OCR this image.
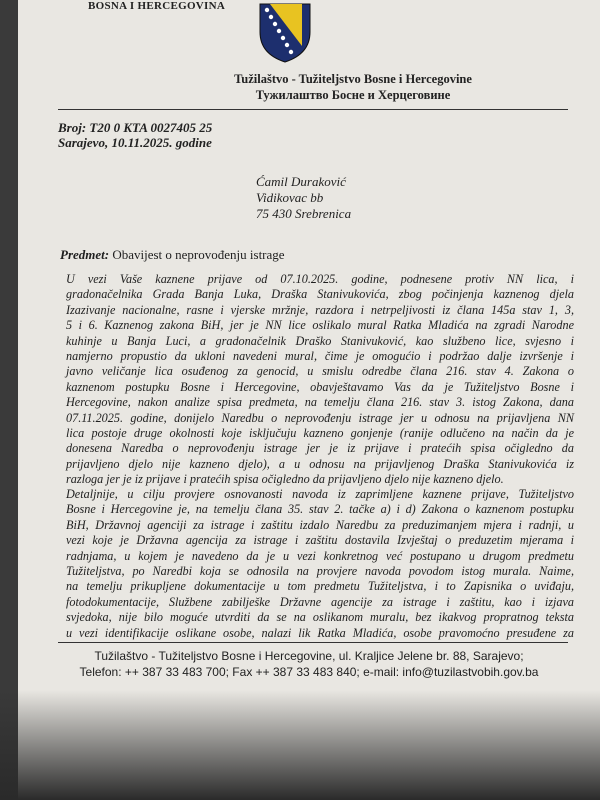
BOSNA I HERCEGOVINA
Tužilaštvo - Tužiteljstvo Bosne i Hercegovine
Тужилаштво Босне и Херцеговине
Broj: T20 0 KTA 0027405 25
Sarajevo, 10.11.2025. godine
Ćamil Duraković
Vidikovac bb
75 430 Srebrenica
Predmet: Obavijest o neprovođenju istrage
U vezi Vaše kaznene prijave od 07.10.2025. godine, podnesene protiv NN lica, i
gradonačelnika Grada Banja Luka, Draška Stanivukovića, zbog počinjenja kaznenog djela
Izazivanje nacionalne, rasne i vjerske mržnje, razdora i netrpeljivosti iz člana 145a stav 1, 3,
5 i 6. Kaznenog zakona BiH, jer je NN lice oslikalo mural Ratka Mladića na zgradi Narodne
kuhinje u Banja Luci, a gradonačelnik Draško Stanivuković, kao službeno lice, svjesno i
namjerno propustio da ukloni navedeni mural, čime je omogućio i podržao dalje izvršenje i
javno veličanje lica osuđenog za genocid, u smislu odredbe člana 216. stav 4. Zakona o
kaznenom postupku Bosne i Hercegovine, obavještavamo Vas da je Tužiteljstvo Bosne i
Hercegovine, nakon analize spisa predmeta, na temelju člana 216. stav 3. istog Zakona, dana
07.11.2025. godine, donijelo Naredbu o neprovođenju istrage jer u odnosu na prijavljena NN
lica postoje druge okolnosti koje isključuju kazneno gonjenje (ranije odlučeno na način da je
donesena Naredba o neprovođenju istrage jer je iz prijave i pratećih spisa očigledno da
prijavljeno djelo nije kazneno djelo), a u odnosu na prijavljenog Draška Stanivukovića iz
razloga jer je iz prijave i pratećih spisa očigledno da prijavljeno djelo nije kazneno djelo.
Detaljnije, u cilju provjere osnovanosti navoda iz zaprimljene kaznene prijave, Tužiteljstvo
Bosne i Hercegovine je, na temelju člana 35. stav 2. tačke a) i d) Zakona o kaznenom postupku
BiH, Državnoj agenciji za istrage i zaštitu izdalo Naredbu za preduzimanjem mjera i radnji, u
vezi koje je Državna agencija za istrage i zaštitu dostavila Izvještaj o preduzetim mjerama i
radnjama, u kojem je navedeno da je u vezi konkretnog već postupano u drugom predmetu
Tužiteljstva, po Naredbi koja se odnosila na provjere navoda povodom istog murala. Naime,
na temelju prikupljene dokumentacije u tom predmetu Tužiteljstva, i to Zapisnika o uviđaju,
fotodokumentacije, Službene zabilješke Državne agencije za istrage i zaštitu, kao i izjava
svjedoka, nije bilo moguće utvrditi da se na oslikanom muralu, bez ikakvog propratnog teksta
u vezi identifikacije oslikane osobe, nalazi lik Ratka Mladića, osobe pravomoćno presuđene za
Tužilaštvo - Tužiteljstvo Bosne i Hercegovine, ul. Kraljice Jelene br. 88, Sarajevo;
Telefon: ++ 387 33 483 700; Fax ++ 387 33 483 840; e-mail: info@tuzilastvobih.gov.ba
